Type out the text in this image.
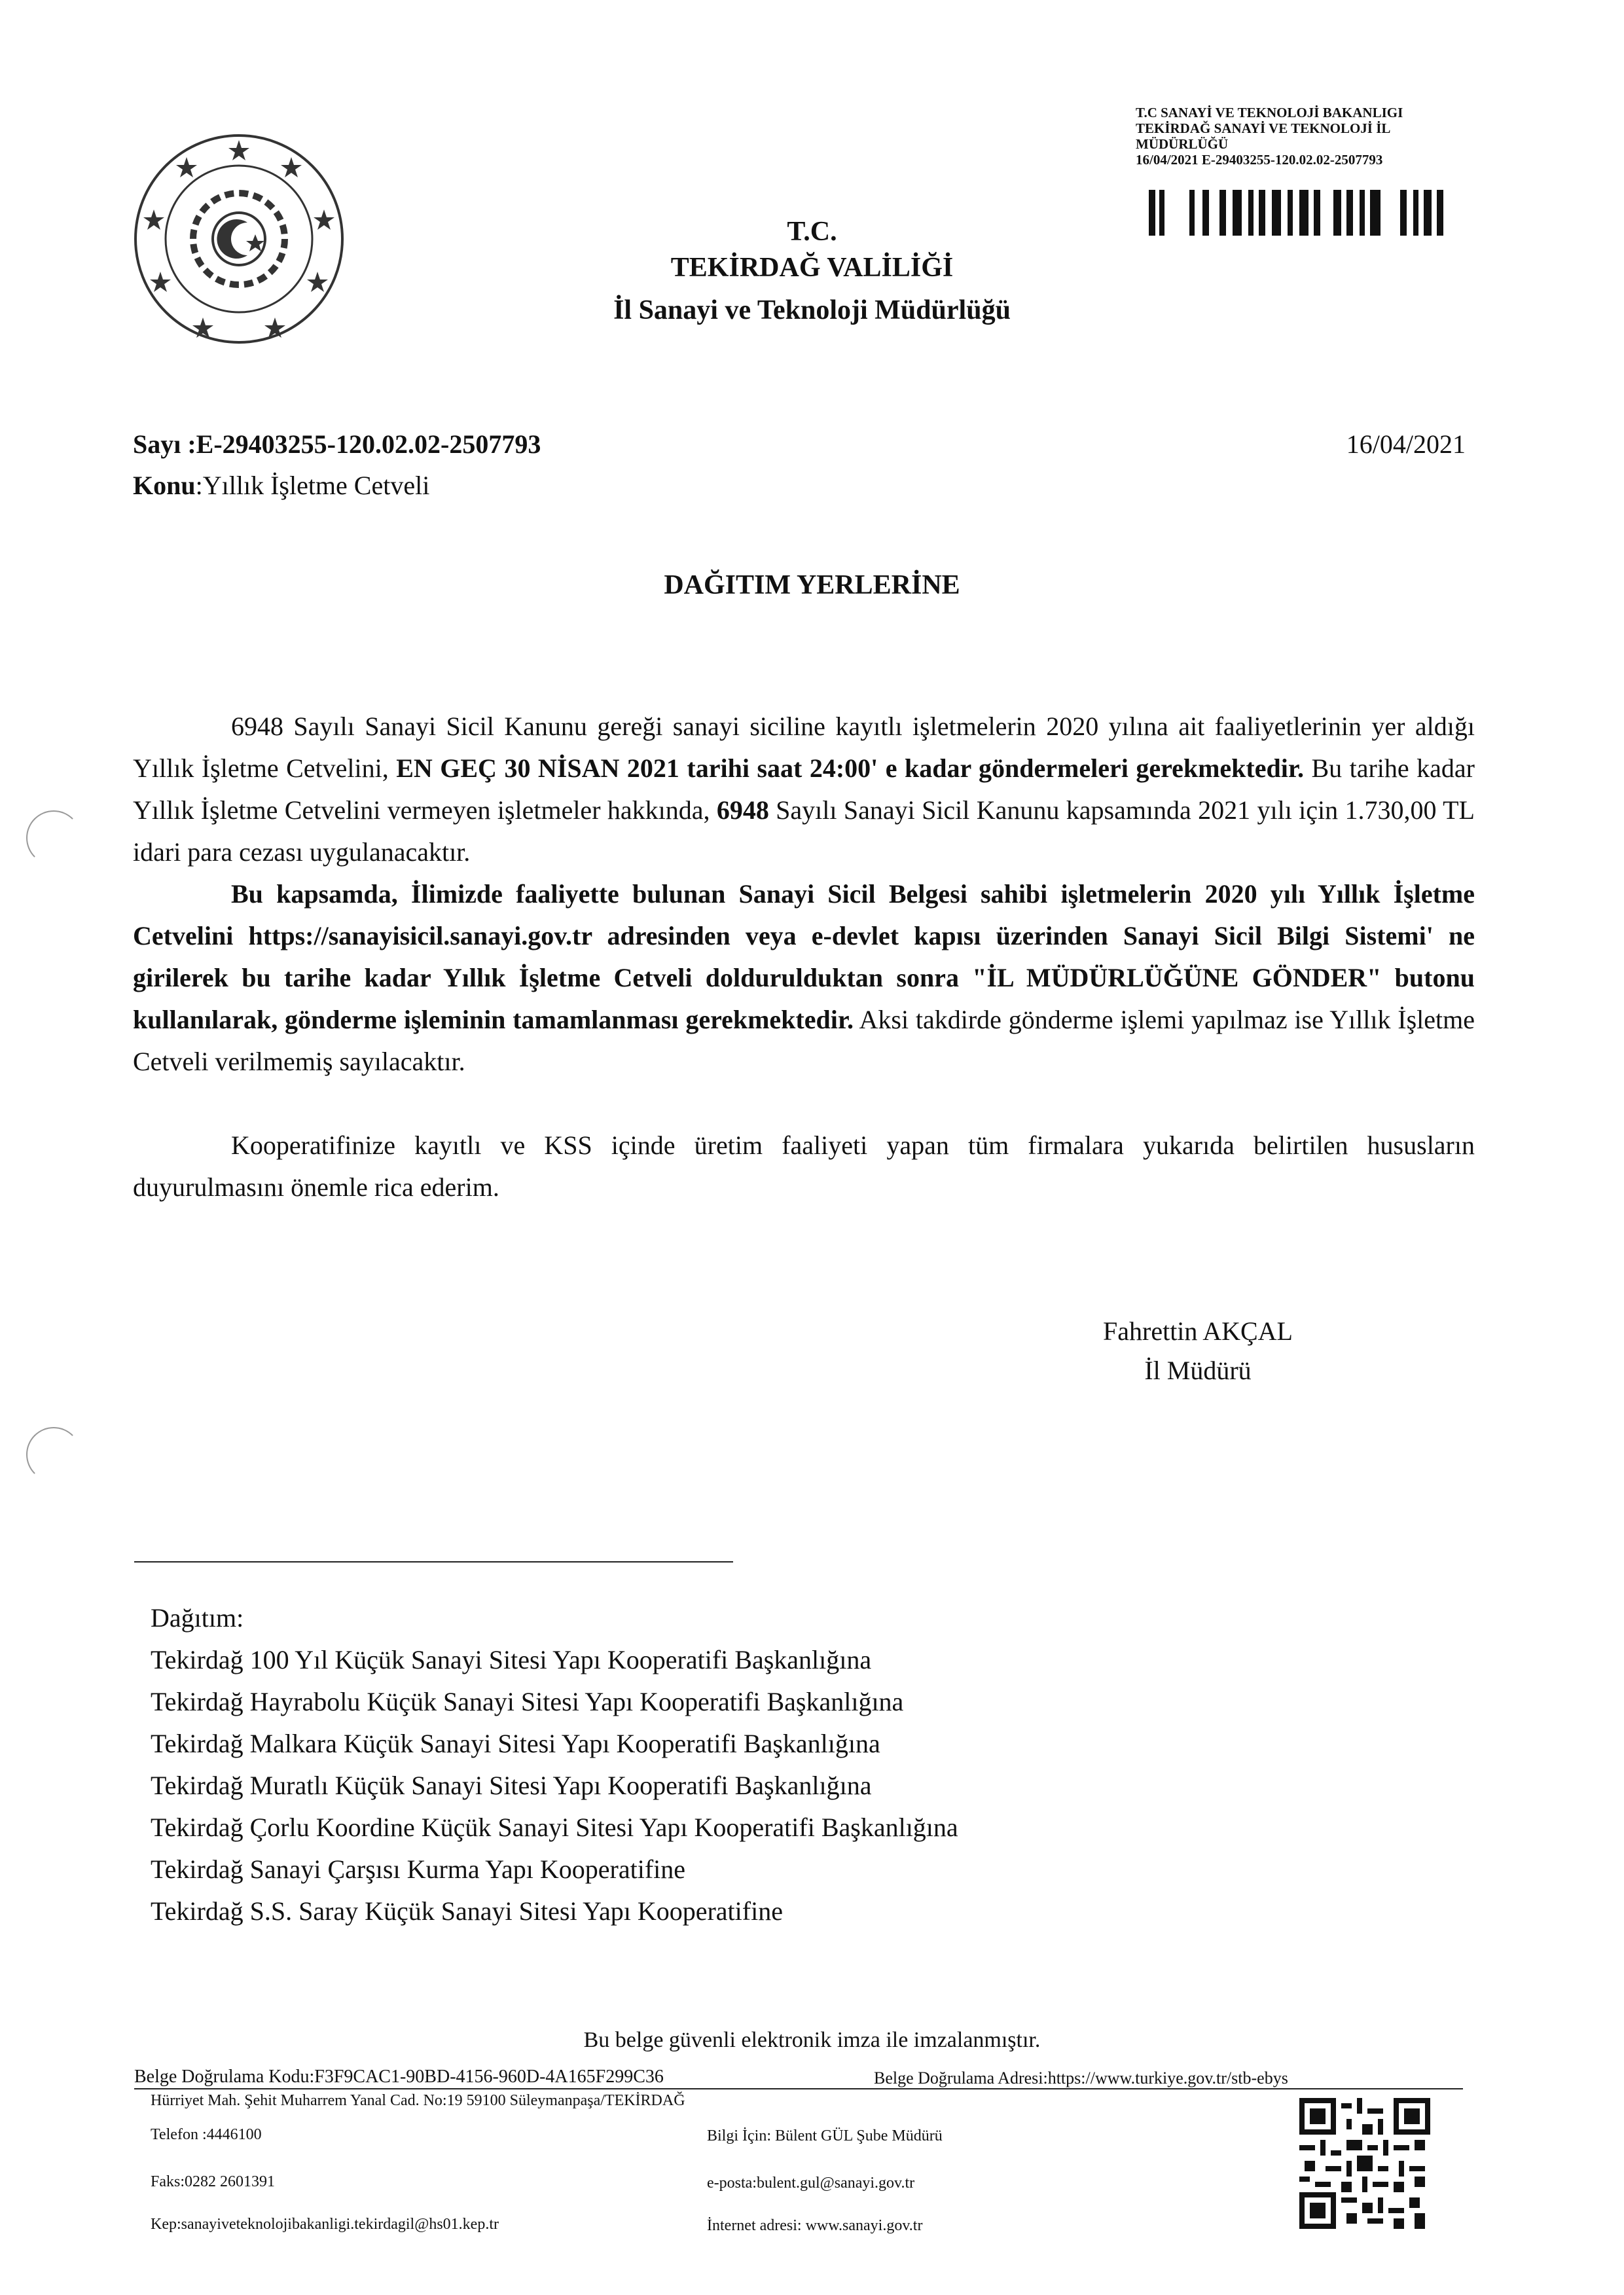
T.C.
TEKİRDAĞ VALİLİĞİ
İl Sanayi ve Teknoloji Müdürlüğü
T.C SANAYİ VE TEKNOLOJİ BAKANLIGI
TEKİRDAĞ SANAYİ VE TEKNOLOJİ İL
MÜDÜRLÜĞÜ
16/04/2021 E-29403255-120.02.02-2507793
Sayı :E-29403255-120.02.02-2507793
Konu:Yıllık İşletme Cetveli
16/04/2021
DAĞITIM YERLERİNE
6948 Sayılı Sanayi Sicil Kanunu gereği sanayi siciline kayıtlı işletmelerin 2020 yılına ait faaliyetlerinin yer aldığı Yıllık İşletme Cetvelini, EN GEÇ 30 NİSAN 2021 tarihi saat 24:00' e kadar göndermeleri gerekmektedir. Bu tarihe kadar Yıllık İşletme Cetvelini vermeyen işletmeler hakkında, 6948 Sayılı Sanayi Sicil Kanunu kapsamında 2021 yılı için 1.730,00 TL idari para cezası uygulanacaktır.
Bu kapsamda, İlimizde faaliyette bulunan Sanayi Sicil Belgesi sahibi işletmelerin 2020 yılı Yıllık İşletme Cetvelini https://sanayisicil.sanayi.gov.tr adresinden veya e-devlet kapısı üzerinden Sanayi Sicil Bilgi Sistemi' ne girilerek bu tarihe kadar Yıllık İşletme Cetveli doldurulduktan sonra "İL MÜDÜRLÜĞÜNE GÖNDER" butonu kullanılarak, gönderme işleminin tamamlanması gerekmektedir. Aksi takdirde gönderme işlemi yapılmaz ise Yıllık İşletme Cetveli verilmemiş sayılacaktır.
Kooperatifinize kayıtlı ve KSS içinde üretim faaliyeti yapan tüm firmalara yukarıda belirtilen hususların duyurulmasını önemle rica ederim.
Fahrettin AKÇAL
İl Müdürü
Dağıtım:
Tekirdağ 100 Yıl Küçük Sanayi Sitesi Yapı Kooperatifi Başkanlığına
Tekirdağ Hayrabolu Küçük Sanayi Sitesi Yapı Kooperatifi Başkanlığına
Tekirdağ Malkara Küçük Sanayi Sitesi Yapı Kooperatifi Başkanlığına
Tekirdağ Muratlı Küçük Sanayi Sitesi Yapı Kooperatifi Başkanlığına
Tekirdağ Çorlu Koordine Küçük Sanayi Sitesi Yapı Kooperatifi Başkanlığına
Tekirdağ Sanayi Çarşısı Kurma Yapı Kooperatifine
Tekirdağ S.S. Saray Küçük Sanayi Sitesi Yapı Kooperatifine
Bu belge güvenli elektronik imza ile imzalanmıştır.
Belge Doğrulama Kodu:F3F9CAC1-90BD-4156-960D-4A165F299C36	Belge Doğrulama Adresi:https://www.turkiye.gov.tr/stb-ebys
Hürriyet Mah. Şehit Muharrem Yanal Cad. No:19 59100 Süleymanpaşa/TEKİRDAĞ
Telefon :4446100	Bilgi İçin: Bülent GÜL Şube Müdürü
Faks:0282 2601391	e-posta:bulent.gul@sanayi.gov.tr
Kep:sanayiveteknolojibakanligi.tekirdagil@hs01.kep.tr	İnternet adresi: www.sanayi.gov.tr
